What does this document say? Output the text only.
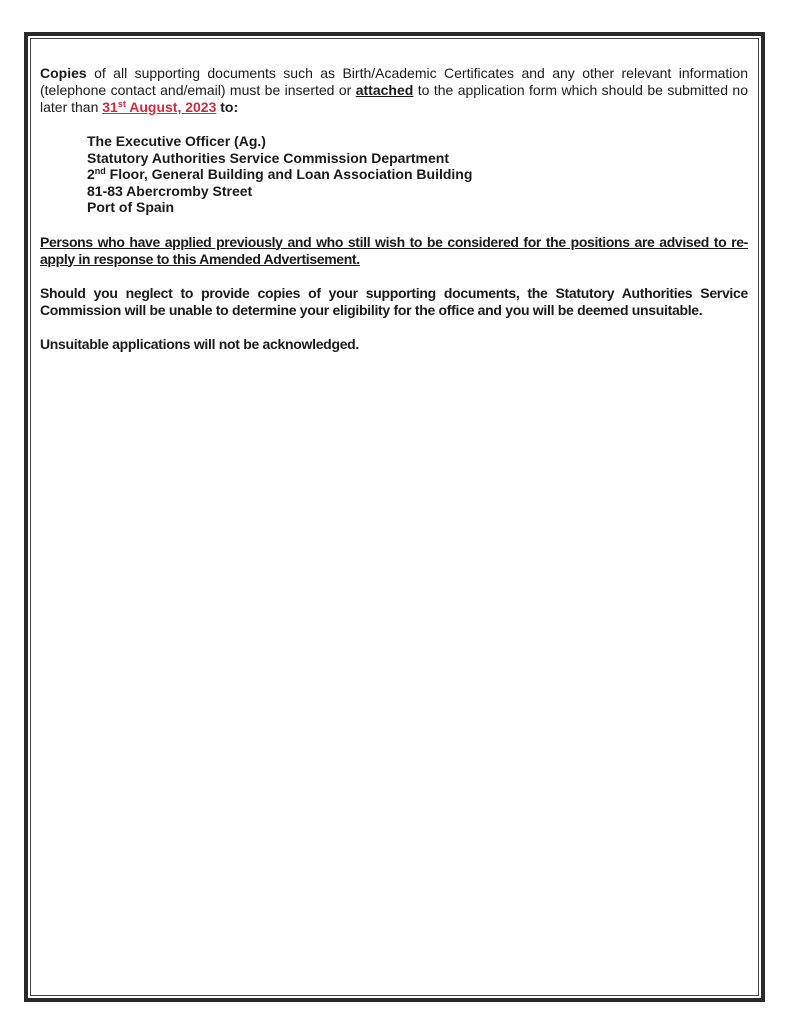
Copies of all supporting documents such as Birth/Academic Certificates and any other relevant information (telephone contact and/email) must be inserted or attached to the application form which should be submitted no later than 31st August, 2023 to:

The Executive Officer (Ag.)
Statutory Authorities Service Commission Department
2nd Floor, General Building and Loan Association Building
81-83 Abercromby Street
Port of Spain

Persons who have applied previously and who still wish to be considered for the positions are advised to re-apply in response to this Amended Advertisement.

Should you neglect to provide copies of your supporting documents, the Statutory Authorities Service Commission will be unable to determine your eligibility for the office and you will be deemed unsuitable.

Unsuitable applications will not be acknowledged.
